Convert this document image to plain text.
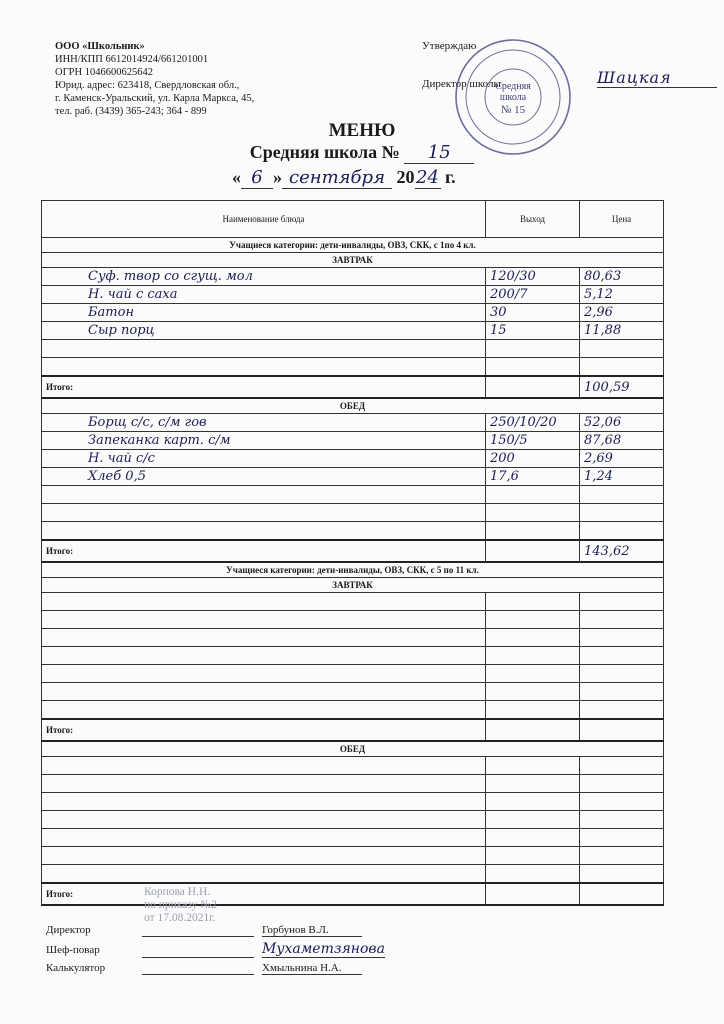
ООО «Школьник»
ИНН/КПП 6612014924/661201001
ОГРН 1046600625642
Юрид. адрес: 623418, Свердловская обл.,
г. Каменск-Уральский, ул. Карла Маркса, 45,
тел. раб. (3439) 365-243; 364 - 899
Утверждаю
Директор школы	Шацкая
Средняя
школа
№ 15
МЕНЮ
Средняя школа № 15
« 6 » сентября 2024 г.
Наименование блюда	Выход	Цена
Учащиеся категории: дети-инвалиды, ОВЗ, СКК, с 1по 4 кл.		
ЗАВТРАК		
Суф. твор со сгущ. мол	120/30	80,63
Н. чай с саха	200/7	5,12
Батон	30	2,96
Сыр порц	15	11,88

Итого:		100,59
ОБЕД		
Борщ с/с, с/м гов	250/10/20	52,06
Запеканка карт. с/м	150/5	87,68
Н. чай с/с	200	2,69
Хлеб 0,5	17,6	1,24

Итого:		143,62
Учащиеся категории: дети-инвалиды, ОВЗ, СКК, с 5 по 11 кл.		
ЗАВТРАК		

Итого:		
ОБЕД		

Итого:			Корпова Н.Н.
по приказу №2
от 17.08.2021г.
Директор	Горбунов В.Л.
Шеф-повар	Мухаметзянова
Калькулятор	Хмыльнина Н.А.
